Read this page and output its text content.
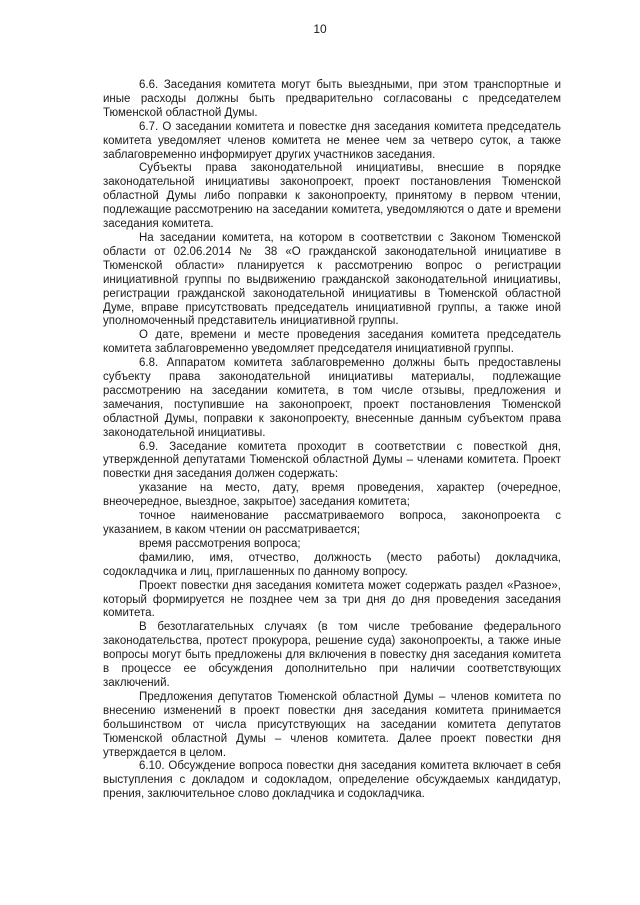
10

6.6. Заседания комитета могут быть выездными, при этом транспортные и иные расходы должны быть предварительно согласованы с председателем Тюменской областной Думы.

6.7. О заседании комитета и повестке дня заседания комитета председатель комитета уведомляет членов комитета не менее чем за четверо суток, а также заблаговременно информирует других участников заседания.

Субъекты права законодательной инициативы, внесшие в порядке законодательной инициативы законопроект, проект постановления Тюменской областной Думы либо поправки к законопроекту, принятому в первом чтении, подлежащие рассмотрению на заседании комитета, уведомляются о дате и времени заседания комитета.

На заседании комитета, на котором в соответствии с Законом Тюменской области от 02.06.2014 № 38 «О гражданской законодательной инициативе в Тюменской области» планируется к рассмотрению вопрос о регистрации инициативной группы по выдвижению гражданской законодательной инициативы, регистрации гражданской законодательной инициативы в Тюменской областной Думе, вправе присутствовать председатель инициативной группы, а также иной уполномоченный представитель инициативной группы.

О дате, времени и месте проведения заседания комитета председатель комитета заблаговременно уведомляет председателя инициативной группы.

6.8. Аппаратом комитета заблаговременно должны быть предоставлены субъекту права законодательной инициативы материалы, подлежащие рассмотрению на заседании комитета, в том числе отзывы, предложения и замечания, поступившие на законопроект, проект постановления Тюменской областной Думы, поправки к законопроекту, внесенные данным субъектом права законодательной инициативы.

6.9. Заседание комитета проходит в соответствии с повесткой дня, утвержденной депутатами Тюменской областной Думы – членами комитета. Проект повестки дня заседания должен содержать:

указание на место, дату, время проведения, характер (очередное, внеочередное, выездное, закрытое) заседания комитета;

точное наименование рассматриваемого вопроса, законопроекта с указанием, в каком чтении он рассматривается;

время рассмотрения вопроса;

фамилию, имя, отчество, должность (место работы) докладчика, содокладчика и лиц, приглашенных по данному вопросу.

Проект повестки дня заседания комитета может содержать раздел «Разное», который формируется не позднее чем за три дня до дня проведения заседания комитета.

В безотлагательных случаях (в том числе требование федерального законодательства, протест прокурора, решение суда) законопроекты, а также иные вопросы могут быть предложены для включения в повестку дня заседания комитета в процессе ее обсуждения дополнительно при наличии соответствующих заключений.

Предложения депутатов Тюменской областной Думы – членов комитета по внесению изменений в проект повестки дня заседания комитета принимается большинством от числа присутствующих на заседании комитета депутатов Тюменской областной Думы – членов комитета. Далее проект повестки дня утверждается в целом.

6.10. Обсуждение вопроса повестки дня заседания комитета включает в себя выступления с докладом и содокладом, определение обсуждаемых кандидатур, прения, заключительное слово докладчика и содокладчика.
